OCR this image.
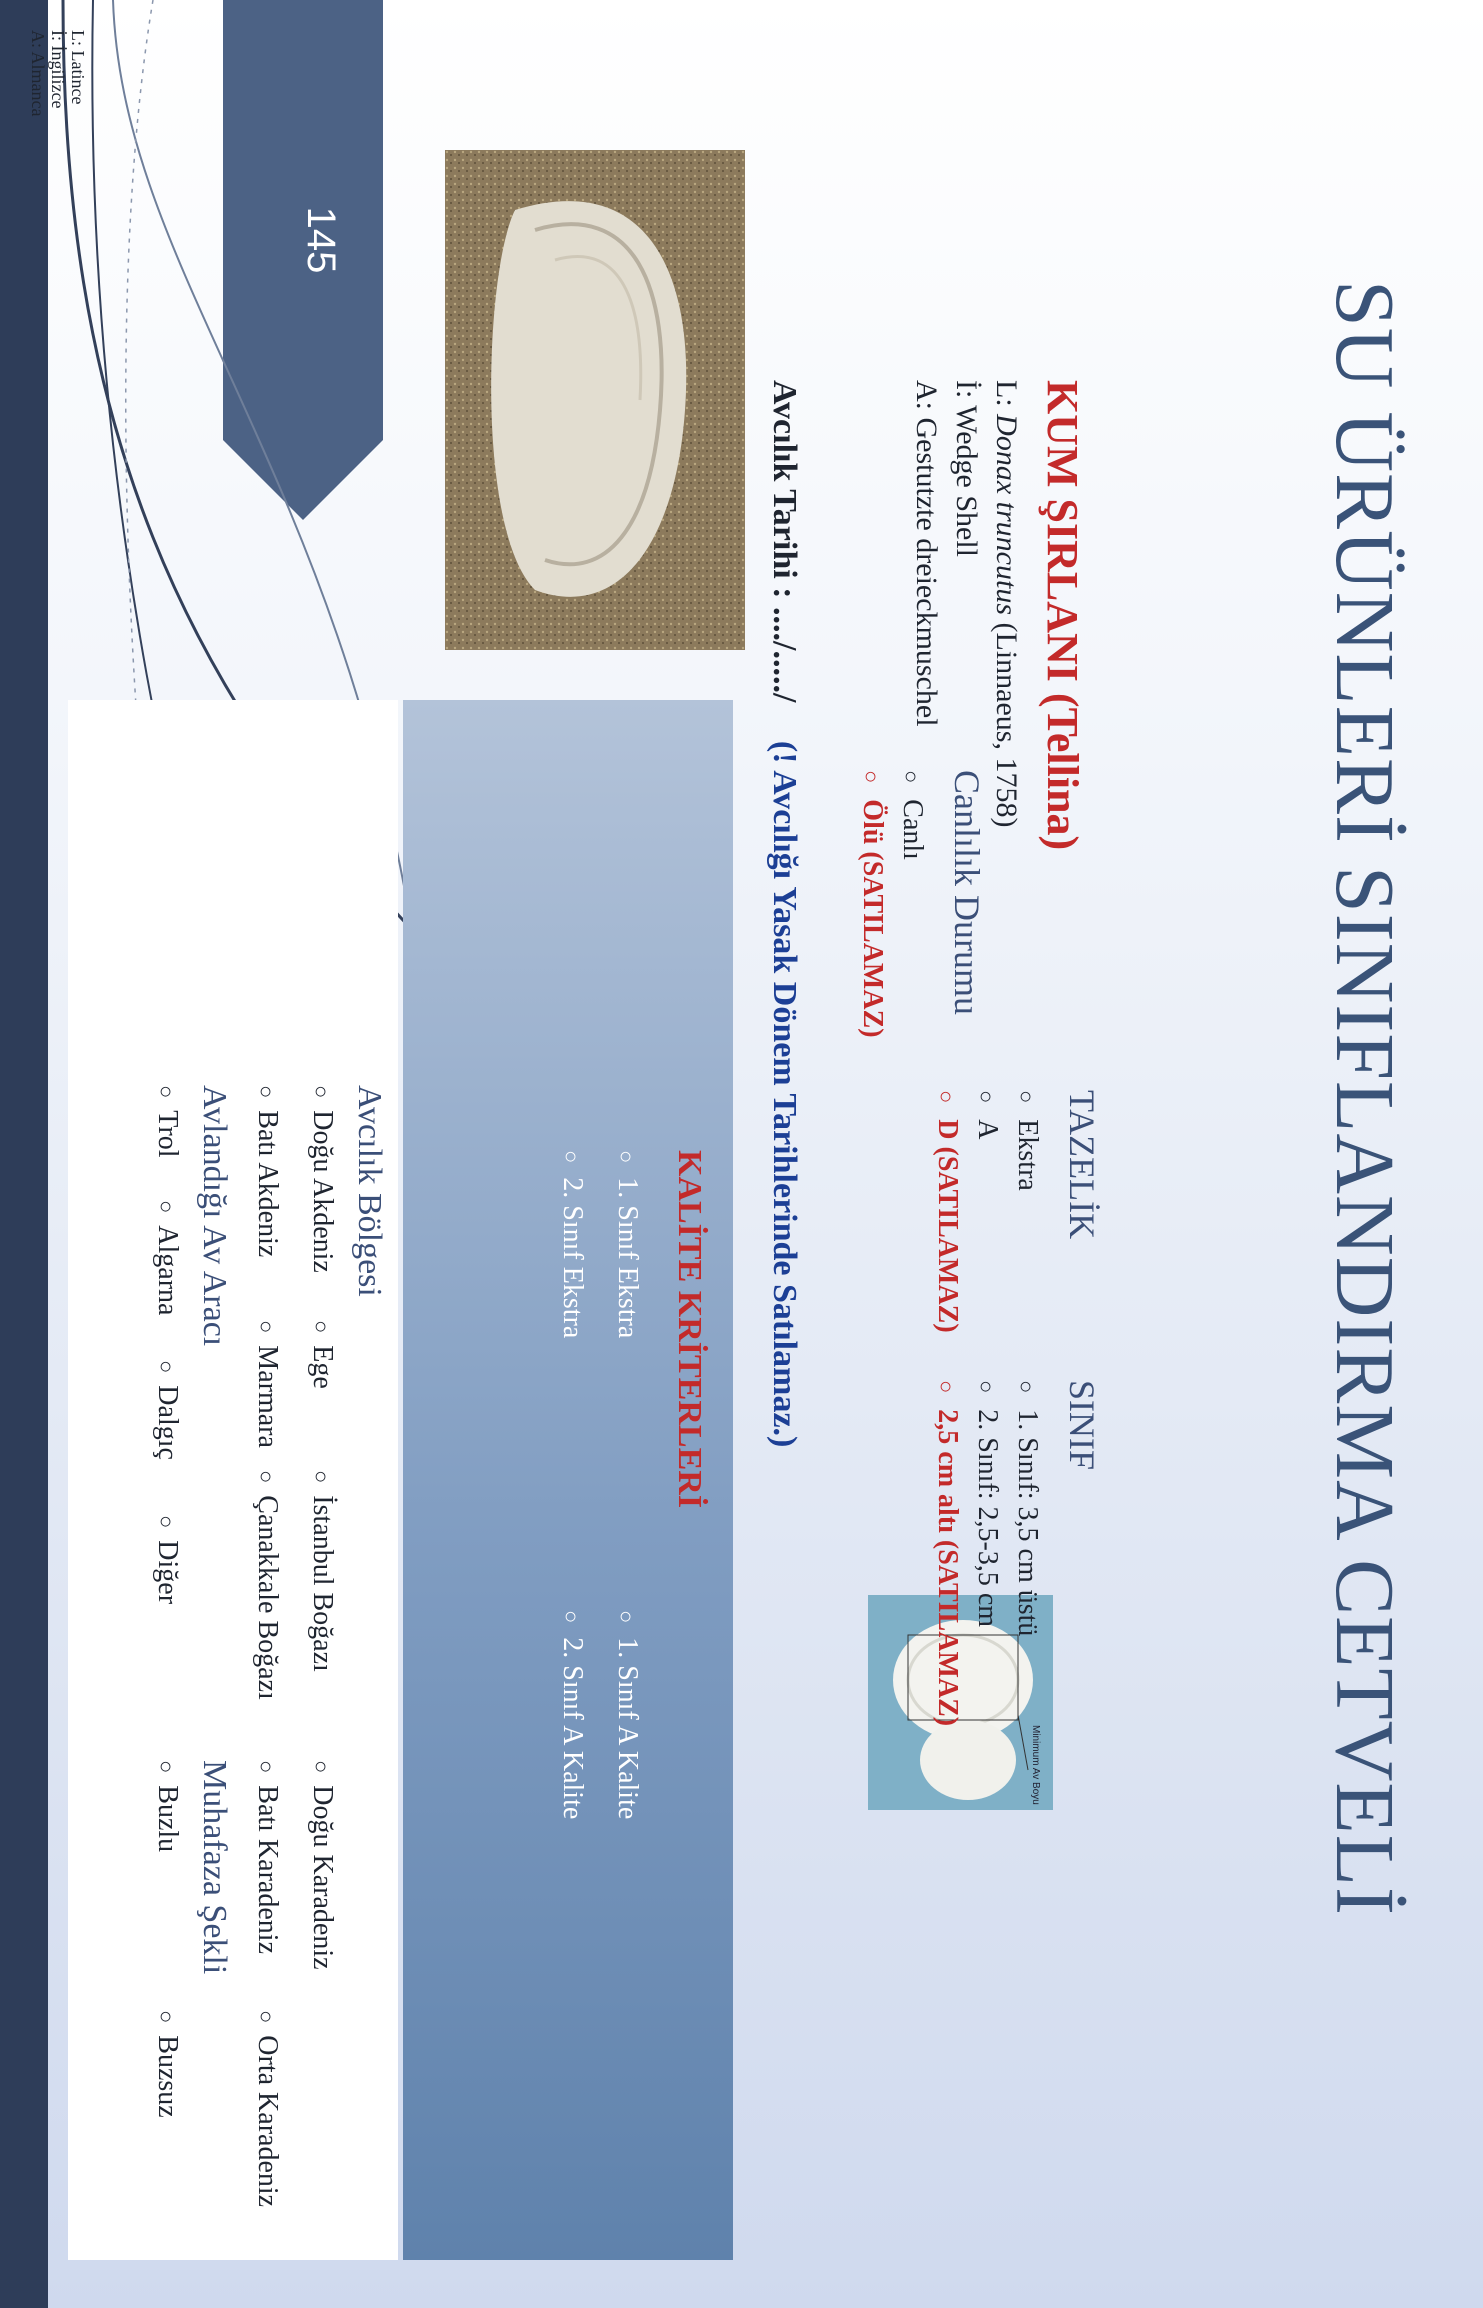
145
SU ÜRÜNLERİ SINIFLANDIRMA CETVELİ
KUM ŞIRLANI (Tellina)
L: Donax truncutus (Linnaeus, 1758)
İ: Wedge Shell
A: Gestutzte dreieckmuschel
Avcılık Tarihi : ..../...../ (! Avcılığı Yasak Dönem Tarihlerinde Satılamaz.)
Minimum Av Boyu
Canlılık Durumu
○Canlı
○Ölü (SATILAMAZ)
TAZELİK
○Ekstra
○A
○D (SATILAMAZ)
SINIF
○1. Sınıf: 3,5 cm üstü
○2. Sınıf: 2,5-3,5 cm
○2,5 cm altı (SATILAMAZ)
KALİTE KRİTERLERİ
○1. Sınıf Ekstra
○2. Sınıf Ekstra
○1. Sınıf A Kalite
○2. Sınıf A Kalite
Avcılık Bölgesi
○Doğu Akdeniz
○Ege
○İstanbul Boğazı
○Doğu Karadeniz
○Batı Akdeniz
○Marmara
○Çanakkale Boğazı
○Batı Karadeniz
○Orta Karadeniz
Avlandığı Av Aracı
○Trol
○Algarna
○Dalgıç
○Diğer
Muhafaza Şekli
○Buzlu
○Buzsuz
L: Latince
İ: İngilizce
A: Almanca
